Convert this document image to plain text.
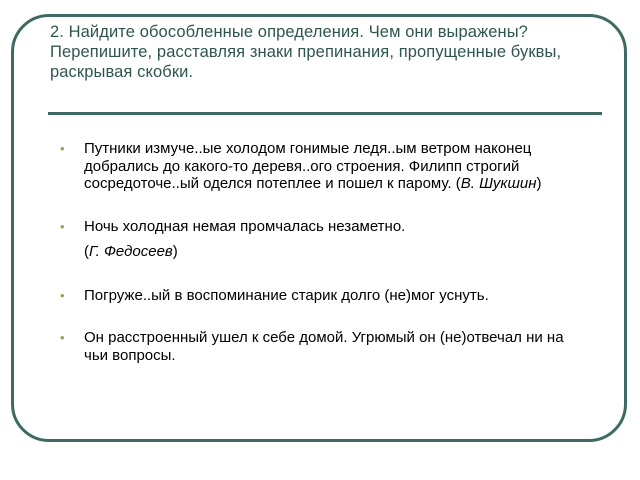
2. Найдите обособленные определения. Чем они выражены? Перепишите, расставляя знаки препинания, пропущенные буквы, раскрывая скобки.
• Путники измуче..ые холодом гонимые ледя..ым ветром наконец добрались до какого-то деревя..ого строения. Филипп строгий сосредоточе..ый оделся потеплее и пошел к парому. (В. Шукшин)
• Ночь холодная немая промчалась незаметно.
(Г. Федосеев)
• Погруже..ый в воспоминание старик долго (не)мог уснуть.
• Он расстроенный ушел к себе домой. Угрюмый он (не)отвечал ни на чьи вопросы.
